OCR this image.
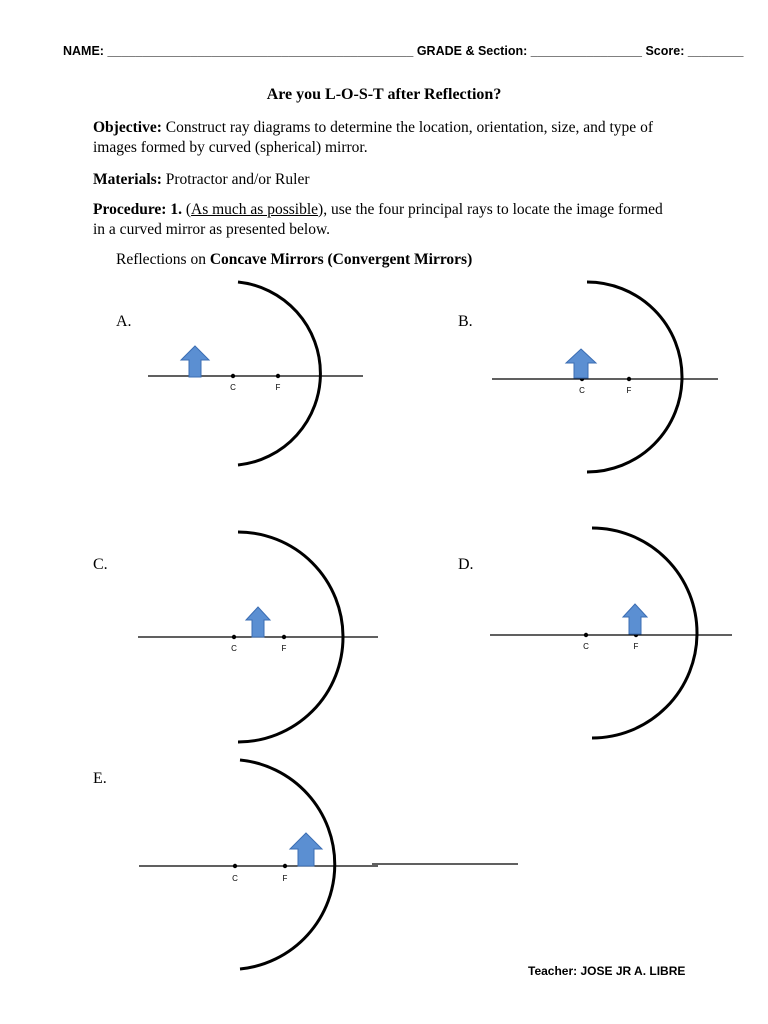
NAME: ____________________________________________ GRADE & Section: ________________ Score: ________
Are you L-O-S-T after Reflection?
Objective: Construct ray diagrams to determine the location, orientation, size, and type of images formed by curved (spherical) mirror.
Materials: Protractor and/or Ruler
Procedure: 1. (As much as possible), use the four principal rays to locate the image formed in a curved mirror as presented below.
Reflections on Concave Mirrors (Convergent Mirrors)
A.	B.
C.	D.
E.
C	F	C	F
C	F	C	F
C	F
Teacher: JOSE JR A. LIBRE
